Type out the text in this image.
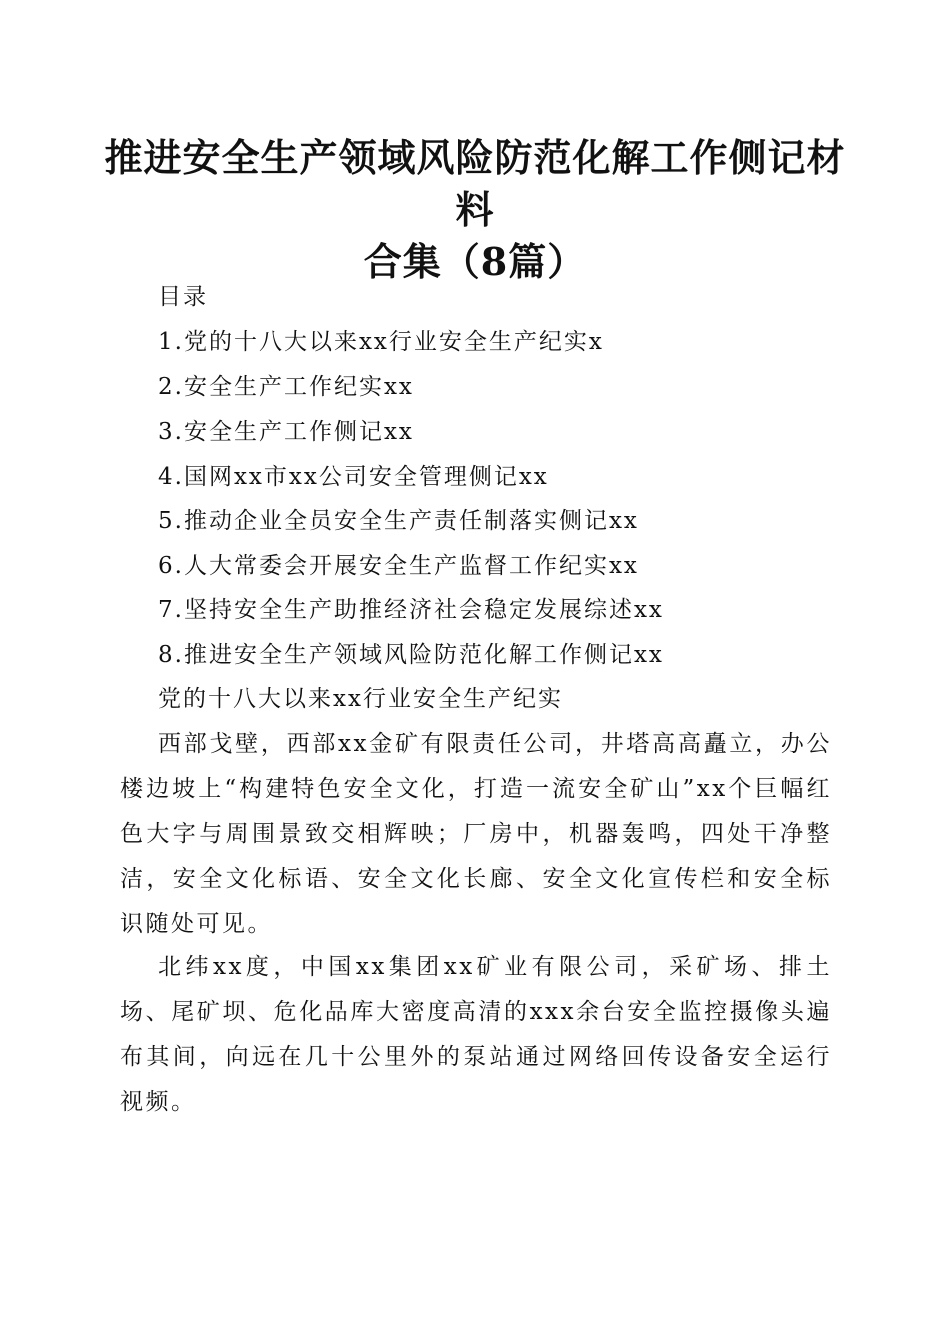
推进安全生产领域风险防范化解工作侧记材料
合集（8篇）

目录

1.党的十八大以来xx行业安全生产纪实x

2.安全生产工作纪实xx

3.安全生产工作侧记xx

4.国网xx市xx公司安全管理侧记xx

5.推动企业全员安全生产责任制落实侧记xx

6.人大常委会开展安全生产监督工作纪实xx

7.坚持安全生产助推经济社会稳定发展综述xx

8.推进安全生产领域风险防范化解工作侧记xx

党的十八大以来xx行业安全生产纪实

西部戈壁，西部xx金矿有限责任公司，井塔高高矗立，办公楼边坡上“构建特色安全文化，打造一流安全矿山”xx个巨幅红色大字与周围景致交相辉映；厂房中，机器轰鸣，四处干净整洁，安全文化标语、安全文化长廊、安全文化宣传栏和安全标识随处可见。

北纬xx度，中国xx集团xx矿业有限公司，采矿场、排土场、尾矿坝、危化品库大密度高清的xxx余台安全监控摄像头遍布其间，向远在几十公里外的泵站通过网络回传设备安全运行视频。
